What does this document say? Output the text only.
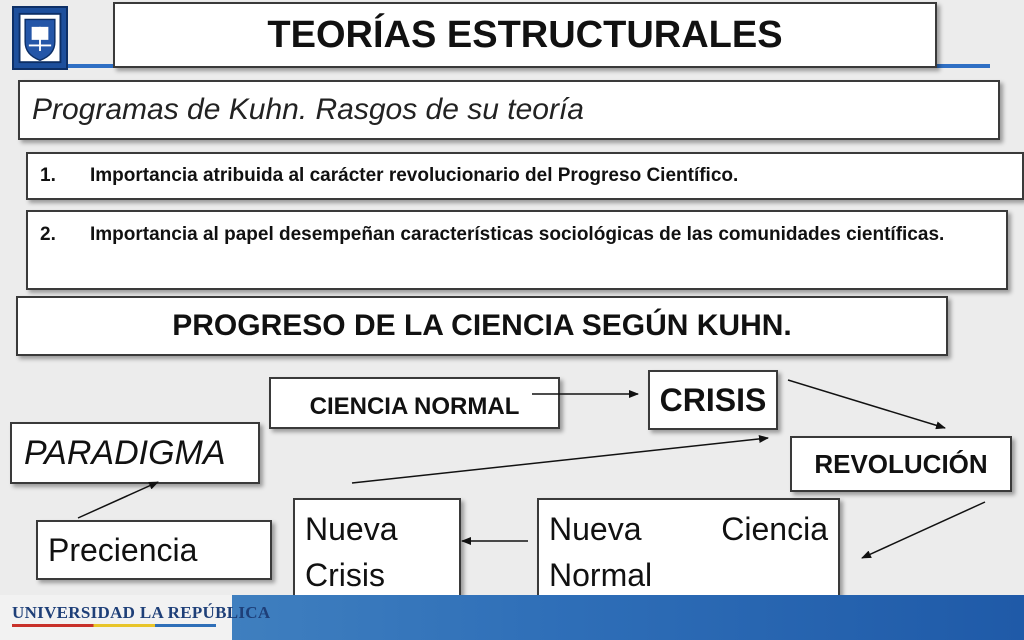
TEORÍAS ESTRUCTURALES
Programas de Kuhn. Rasgos de su teoría
1.	Importancia atribuida al carácter revolucionario del Progreso Científico.
2.	Importancia al papel desempeñan características sociológicas de las comunidades científicas.
PROGRESO DE LA CIENCIA SEGÚN KUHN.
CIENCIA NORMAL	CRISIS
PARADIGMA	REVOLUCIÓN
Preciencia
Nueva
Crisis
Nueva Ciencia
Normal
UNIVERSIDAD LA REPÚBLICA
